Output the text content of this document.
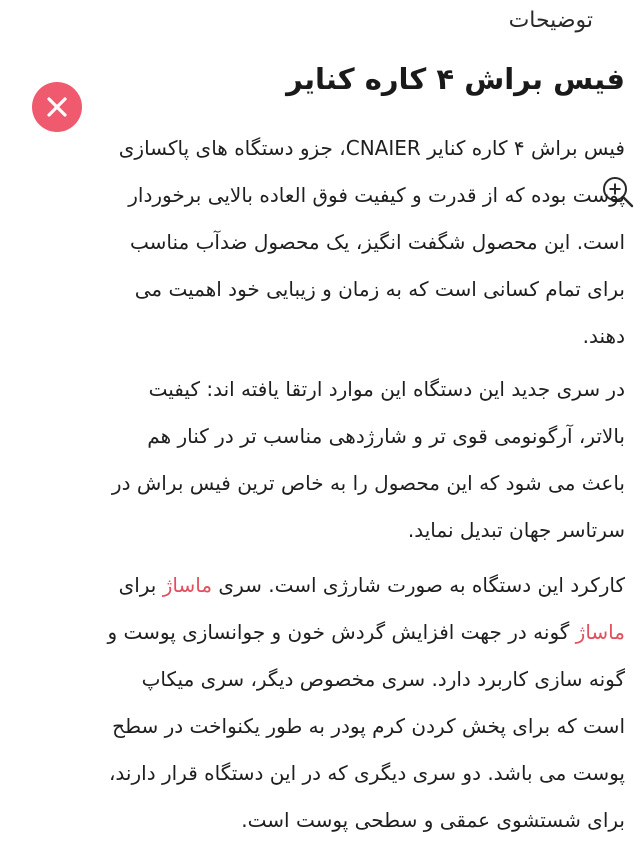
توضیحات
فیس براش ۴ کاره کنایر
فیس براش ۴ کاره کنایر CNAIER، جزو دستگاه های پاکسازی
پوست بوده که از قدرت و کیفیت فوق العاده بالایی برخوردار
است. این محصول شگفت انگیز، یک محصول ضدآب مناسب
برای تمام کسانی است که به زمان و زیبایی خود اهمیت می
دهند.
در سری جدید این دستگاه این موارد ارتقا یافته اند: کیفیت
بالاتر، آرگونومی قوی تر و شارژدهی مناسب تر در کنار هم
باعث می شود که این محصول را به خاص ترین فیس براش در
سرتاسر جهان تبدیل نماید.
کارکرد این دستگاه به صورت شارژی است. سری ماساژ برای
ماساژ گونه در جهت افزایش گردش خون و جوانسازی پوست و
گونه سازی کاربرد دارد. سری مخصوص دیگر، سری میکاپ
است که برای پخش کردن کرم پودر به طور یکنواخت در سطح
پوست می باشد. دو سری دیگری که در این دستگاه قرار دارند،
برای شستشوی عمقی و سطحی پوست است.
